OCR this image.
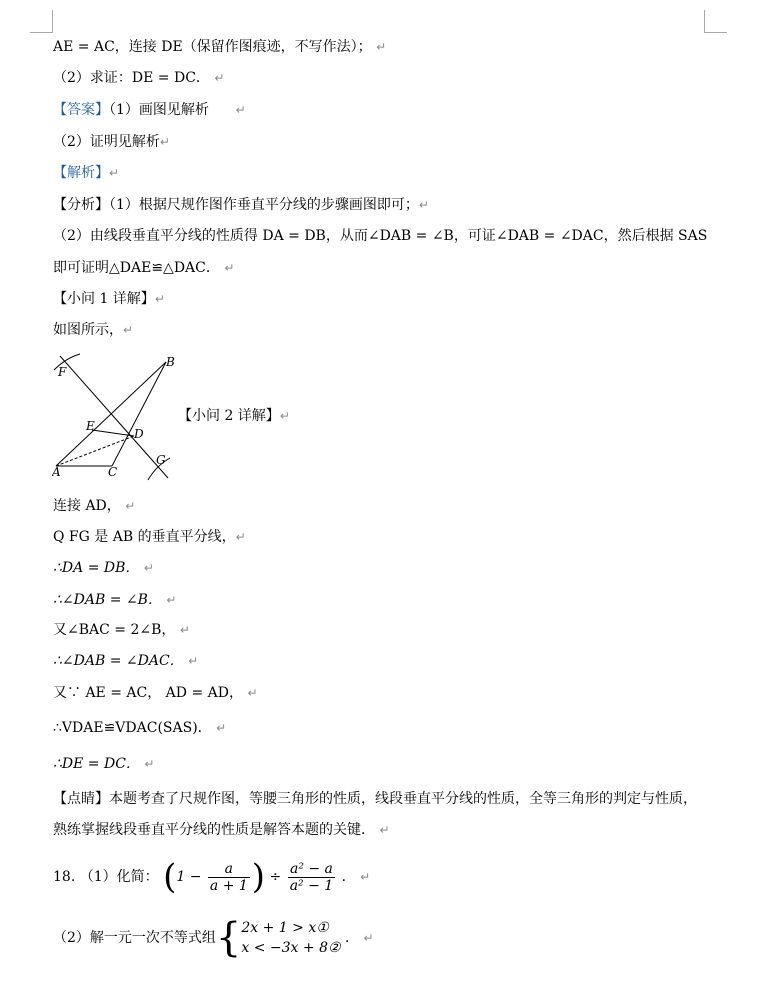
AE = AC，连接 DE（保留作图痕迹，不写作法）； ↵
（2）求证：DE = DC． ↵
【答案】（1）画图见解析 ↵
（2）证明见解析↵
【解析】↵
【分析】（1）根据尺规作图作垂直平分线的步骤画图即可；↵
（2）由线段垂直平分线的性质得 DA = DB，从而∠DAB = ∠B，可证∠DAB = ∠DAC，然后根据 SAS
即可证明△DAE≌△DAC． ↵
【小问 1 详解】↵
如图所示，↵
F
B
E
D
A	C
G
【小问 2 详解】↵
连接 AD， ↵
Q FG 是 AB 的垂直平分线，↵
∴DA = DB． ↵
∴∠DAB = ∠B． ↵
又∠BAC = 2∠B， ↵
∴∠DAB = ∠DAC． ↵
又∵ AE = AC， AD = AD， ↵
∴VDAE≌VDAC(SAS)． ↵
∴DE = DC． ↵
【点睛】本题考查了尺规作图，等腰三角形的性质，线段垂直平分线的性质，全等三角形的判定与性质，
熟练掌握线段垂直平分线的性质是解答本题的关键． ↵
18. （1）化简： ($1 - \frac{a}{a + 1}$ ) ÷ $\frac{\text{a² − a}}{\text{a² − 1}}$ ． ↵
（2）解一元一次不等式组{ 2x + 1 > x①
x < −3x + 8②
． ↵
